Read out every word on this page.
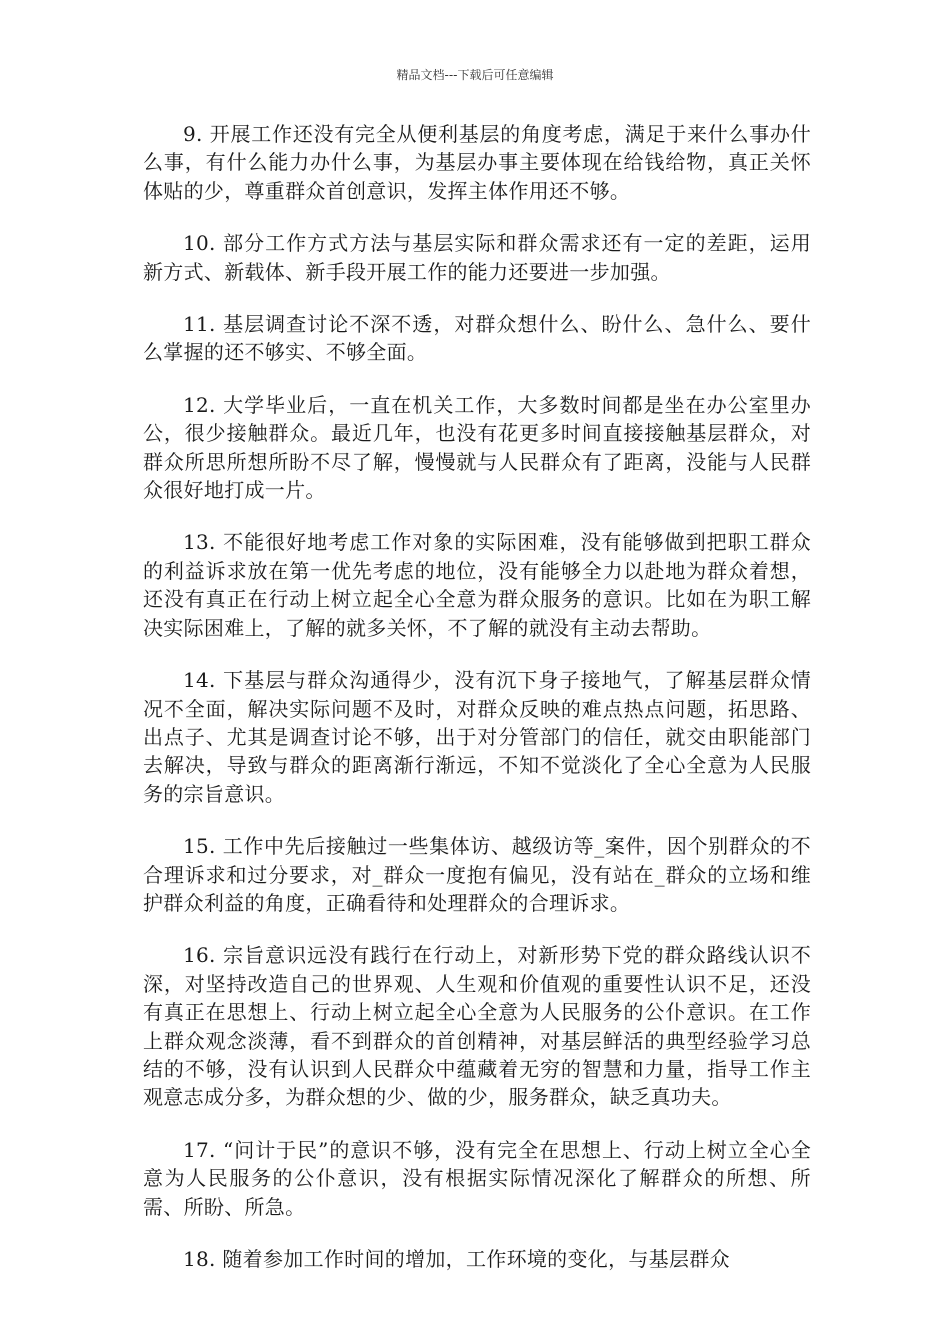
精品文档---下载后可任意编辑

9. 开展工作还没有完全从便利基层的角度考虑，满足于来什么事办什么事，有什么能力办什么事，为基层办事主要体现在给钱给物，真正关怀体贴的少，尊重群众首创意识，发挥主体作用还不够。

10. 部分工作方式方法与基层实际和群众需求还有一定的差距，运用新方式、新载体、新手段开展工作的能力还要进一步加强。

11. 基层调查讨论不深不透，对群众想什么、盼什么、急什么、要什么掌握的还不够实、不够全面。

12. 大学毕业后，一直在机关工作，大多数时间都是坐在办公室里办公，很少接触群众。最近几年，也没有花更多时间直接接触基层群众，对群众所思所想所盼不尽了解，慢慢就与人民群众有了距离，没能与人民群众很好地打成一片。

13. 不能很好地考虑工作对象的实际困难，没有能够做到把职工群众的利益诉求放在第一优先考虑的地位，没有能够全力以赴地为群众着想，还没有真正在行动上树立起全心全意为群众服务的意识。比如在为职工解决实际困难上，了解的就多关怀，不了解的就没有主动去帮助。

14. 下基层与群众沟通得少，没有沉下身子接地气，了解基层群众情况不全面，解决实际问题不及时，对群众反映的难点热点问题，拓思路、出点子、尤其是调查讨论不够，出于对分管部门的信任，就交由职能部门去解决，导致与群众的距离渐行渐远，不知不觉淡化了全心全意为人民服务的宗旨意识。

15. 工作中先后接触过一些集体访、越级访等_案件，因个别群众的不合理诉求和过分要求，对_群众一度抱有偏见，没有站在_群众的立场和维护群众利益的角度，正确看待和处理群众的合理诉求。

16. 宗旨意识远没有践行在行动上，对新形势下党的群众路线认识不深，对坚持改造自己的世界观、人生观和价值观的重要性认识不足，还没有真正在思想上、行动上树立起全心全意为人民服务的公仆意识。在工作上群众观念淡薄，看不到群众的首创精神，对基层鲜活的典型经验学习总结的不够，没有认识到人民群众中蕴藏着无穷的智慧和力量，指导工作主观意志成分多，为群众想的少、做的少，服务群众，缺乏真功夫。

17. “问计于民”的意识不够，没有完全在思想上、行动上树立全心全意为人民服务的公仆意识，没有根据实际情况深化了解群众的所想、所需、所盼、所急。

18. 随着参加工作时间的增加，工作环境的变化，与基层群众
